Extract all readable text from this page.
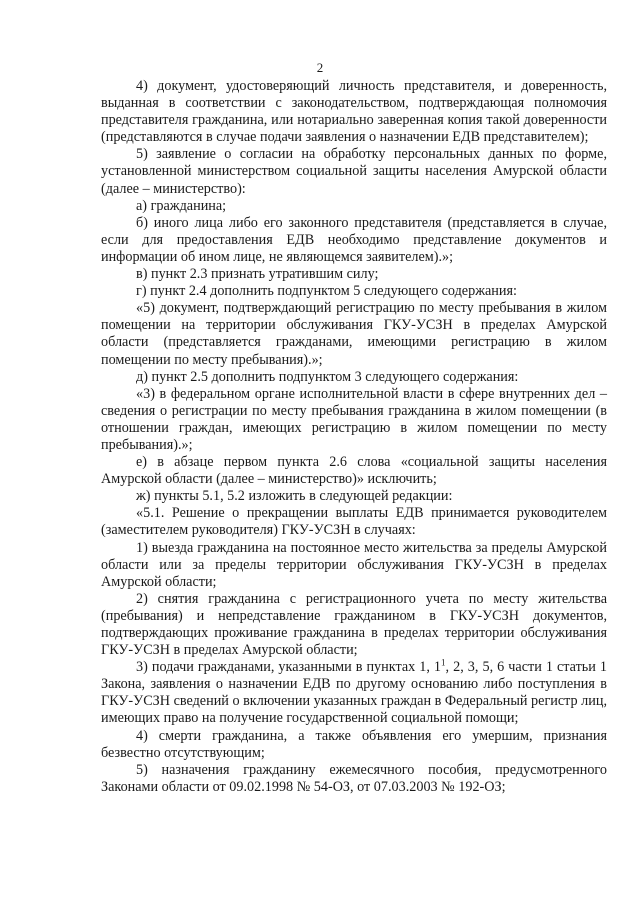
2

4) документ, удостоверяющий личность представителя, и доверенность, выданная в соответствии с законодательством, подтверждающая полномочия представителя гражданина, или нотариально заверенная копия такой доверенности (представляются в случае подачи заявления о назначении ЕДВ представителем);

5) заявление о согласии на обработку персональных данных по форме, установленной министерством социальной защиты населения Амурской области (далее – министерство):

а) гражданина;

б) иного лица либо его законного представителя (представляется в случае, если для предоставления ЕДВ необходимо представление документов и информации об ином лице, не являющемся заявителем).»;

в) пункт 2.3 признать утратившим силу;

г) пункт 2.4 дополнить подпунктом 5 следующего содержания:

«5) документ, подтверждающий регистрацию по месту пребывания в жилом помещении на территории обслуживания ГКУ-УСЗН в пределах Амурской области (представляется гражданами, имеющими регистрацию в жилом помещении по месту пребывания).»;

д) пункт 2.5 дополнить подпунктом 3 следующего содержания:

«3) в федеральном органе исполнительной власти в сфере внутренних дел – сведения о регистрации по месту пребывания гражданина в жилом помещении (в отношении граждан, имеющих регистрацию в жилом помещении по месту пребывания).»;

е) в абзаце первом пункта 2.6 слова «социальной защиты населения Амурской области (далее – министерство)» исключить;

ж) пункты 5.1, 5.2 изложить в следующей редакции:

«5.1. Решение о прекращении выплаты ЕДВ принимается руководителем (заместителем руководителя) ГКУ-УСЗН в случаях:

1) выезда гражданина на постоянное место жительства за пределы Амурской области или за пределы территории обслуживания ГКУ-УСЗН в пределах Амурской области;

2) снятия гражданина с регистрационного учета по месту жительства (пребывания) и непредставление гражданином в ГКУ-УСЗН документов, подтверждающих проживание гражданина в пределах территории обслуживания ГКУ-УСЗН в пределах Амурской области;

3) подачи гражданами, указанными в пунктах 1, $1^1$, 2, 3, 5, 6 части 1 статьи 1 Закона, заявления о назначении ЕДВ по другому основанию либо поступления в ГКУ-УСЗН сведений о включении указанных граждан в Федеральный регистр лиц, имеющих право на получение государственной социальной помощи;

4) смерти гражданина, а также объявления его умершим, признания безвестно отсутствующим;

5) назначения гражданину ежемесячного пособия, предусмотренного Законами области от 09.02.1998 № 54-ОЗ, от 07.03.2003 № 192-ОЗ;
